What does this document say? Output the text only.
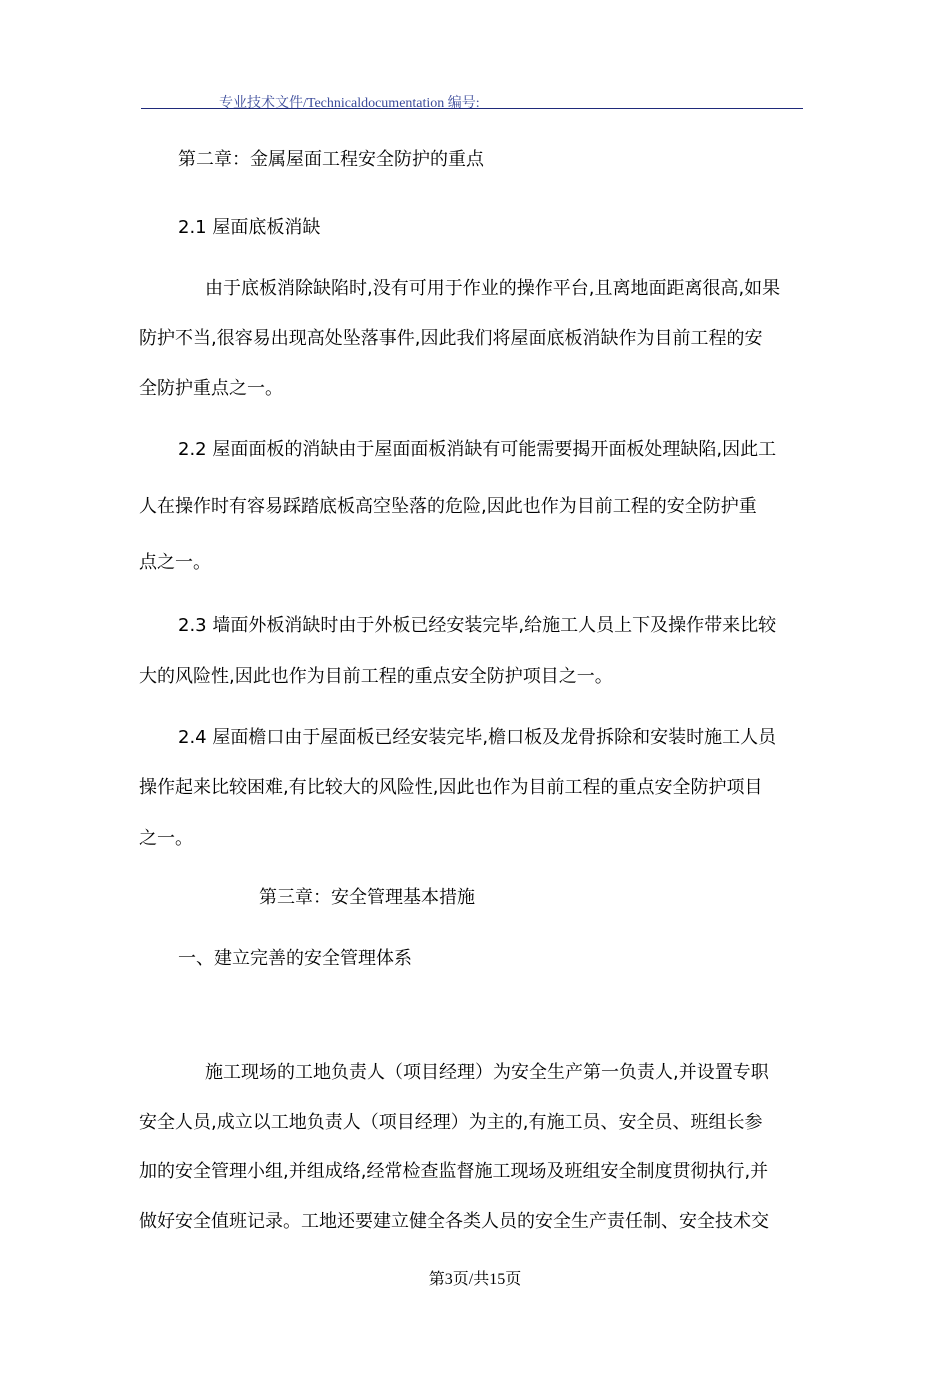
专业技术文件/Technicaldocumentation 编号:
第二章：金属屋面工程安全防护的重点
2.1 屋面底板消缺
由于底板消除缺陷时,没有可用于作业的操作平台,且离地面距离很高,如果
防护不当,很容易出现高处坠落事件,因此我们将屋面底板消缺作为目前工程的安
全防护重点之一。
2.2 屋面面板的消缺由于屋面面板消缺有可能需要揭开面板处理缺陷,因此工
人在操作时有容易踩踏底板高空坠落的危险,因此也作为目前工程的安全防护重
点之一。
2.3 墙面外板消缺时由于外板已经安装完毕,给施工人员上下及操作带来比较
大的风险性,因此也作为目前工程的重点安全防护项目之一。
2.4 屋面檐口由于屋面板已经安装完毕,檐口板及龙骨拆除和安装时施工人员
操作起来比较困难,有比较大的风险性,因此也作为目前工程的重点安全防护项目
之一。
第三章：安全管理基本措施
一、建立完善的安全管理体系
施工现场的工地负责人（项目经理）为安全生产第一负责人,并设置专职
安全人员,成立以工地负责人（项目经理）为主的,有施工员、安全员、班组长参
加的安全管理小组,并组成络,经常检查监督施工现场及班组安全制度贯彻执行,并
做好安全值班记录。工地还要建立健全各类人员的安全生产责任制、安全技术交
第3页/共15页
